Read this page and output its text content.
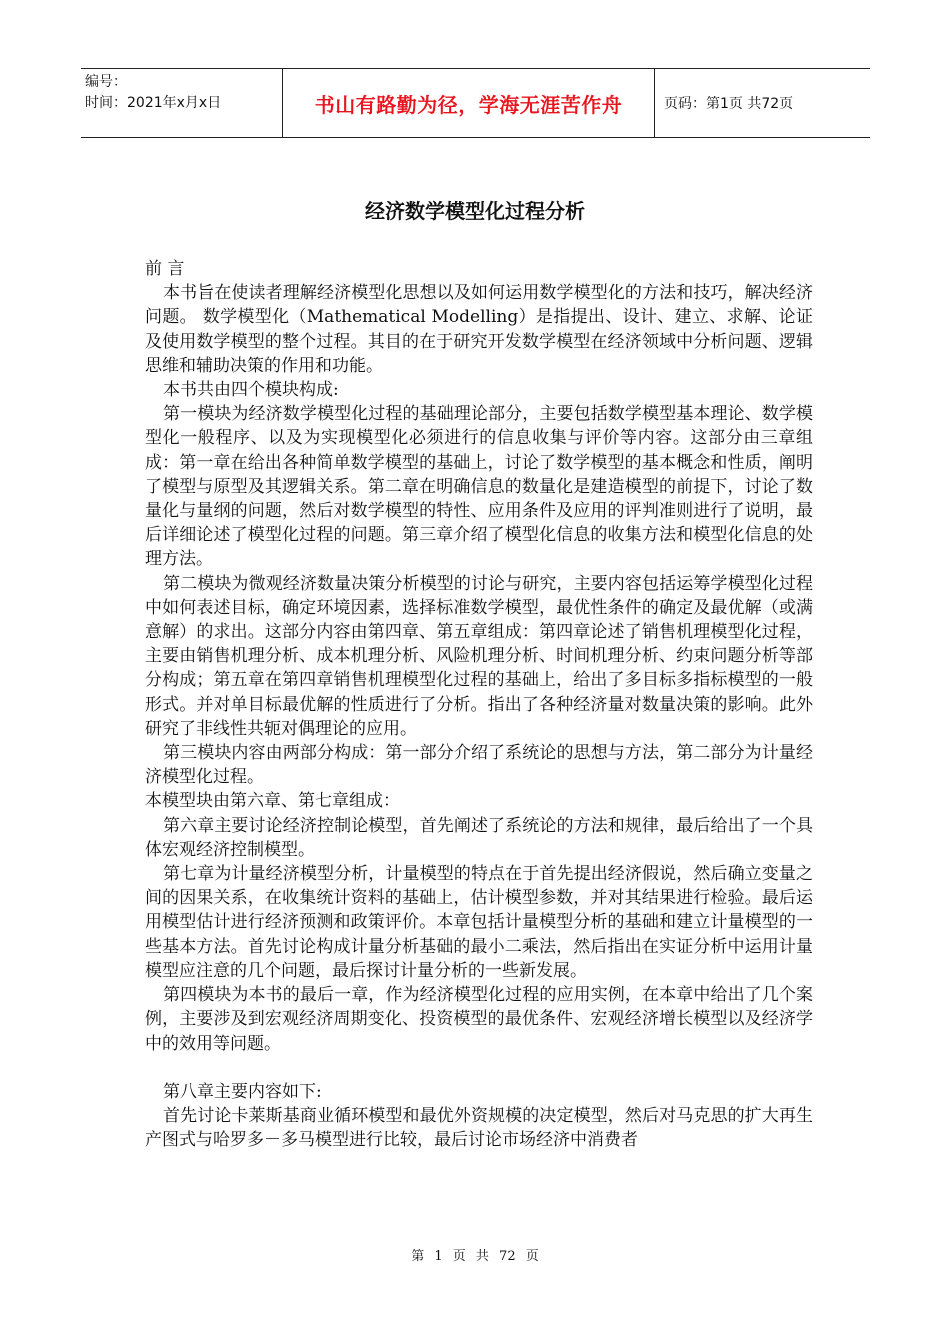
编号：
时间：2021年x月x日	书山有路勤为径，学海无涯苦作舟	页码：第1页 共72页
经济数学模型化过程分析

前 言

本书旨在使读者理解经济模型化思想以及如何运用数学模型化的方法和技巧，解决经济问题。 数学模型化（Mathematical Modelling）是指提出、设计、建立、求解、论证及使用数学模型的整个过程。其目的在于研究开发数学模型在经济领域中分析问题、逻辑思维和辅助决策的作用和功能。

本书共由四个模块构成:

第一模块为经济数学模型化过程的基础理论部分，主要包括数学模型基本理论、数学模型化一般程序、以及为实现模型化必须进行的信息收集与评价等内容。这部分由三章组成：第一章在给出各种简单数学模型的基础上，讨论了数学模型的基本概念和性质，阐明了模型与原型及其逻辑关系。第二章在明确信息的数量化是建造模型的前提下，讨论了数量化与量纲的问题，然后对数学模型的特性、应用条件及应用的评判准则进行了说明，最后详细论述了模型化过程的问题。第三章介绍了模型化信息的收集方法和模型化信息的处理方法。

第二模块为微观经济数量决策分析模型的讨论与研究，主要内容包括运筹学模型化过程中如何表述目标，确定环境因素，选择标准数学模型，最优性条件的确定及最优解（或满意解）的求出。这部分内容由第四章、第五章组成：第四章论述了销售机理模型化过程，主要由销售机理分析、成本机理分析、风险机理分析、时间机理分析、约束问题分析等部分构成；第五章在第四章销售机理模型化过程的基础上，给出了多目标多指标模型的一般形式。并对单目标最优解的性质进行了分析。指出了各种经济量对数量决策的影响。此外研究了非线性共轭对偶理论的应用。

第三模块内容由两部分构成：第一部分介绍了系统论的思想与方法，第二部分为计量经济模型化过程。

本模型块由第六章、第七章组成：

第六章主要讨论经济控制论模型，首先阐述了系统论的方法和规律，最后给出了一个具体宏观经济控制模型。

第七章为计量经济模型分析，计量模型的特点在于首先提出经济假说，然后确立变量之间的因果关系，在收集统计资料的基础上，估计模型参数，并对其结果进行检验。最后运用模型估计进行经济预测和政策评价。本章包括计量模型分析的基础和建立计量模型的一些基本方法。首先讨论构成计量分析基础的最小二乘法，然后指出在实证分析中运用计量模型应注意的几个问题，最后探讨计量分析的一些新发展。

第四模块为本书的最后一章，作为经济模型化过程的应用实例，在本章中给出了几个案例，主要涉及到宏观经济周期变化、投资模型的最优条件、宏观经济增长模型以及经济学中的效用等问题。

第八章主要内容如下:

首先讨论卡莱斯基商业循环模型和最优外资规模的决定模型，然后对马克思的扩大再生产图式与哈罗多－多马模型进行比较，最后讨论市场经济中消费者

第 1 页 共 72 页
